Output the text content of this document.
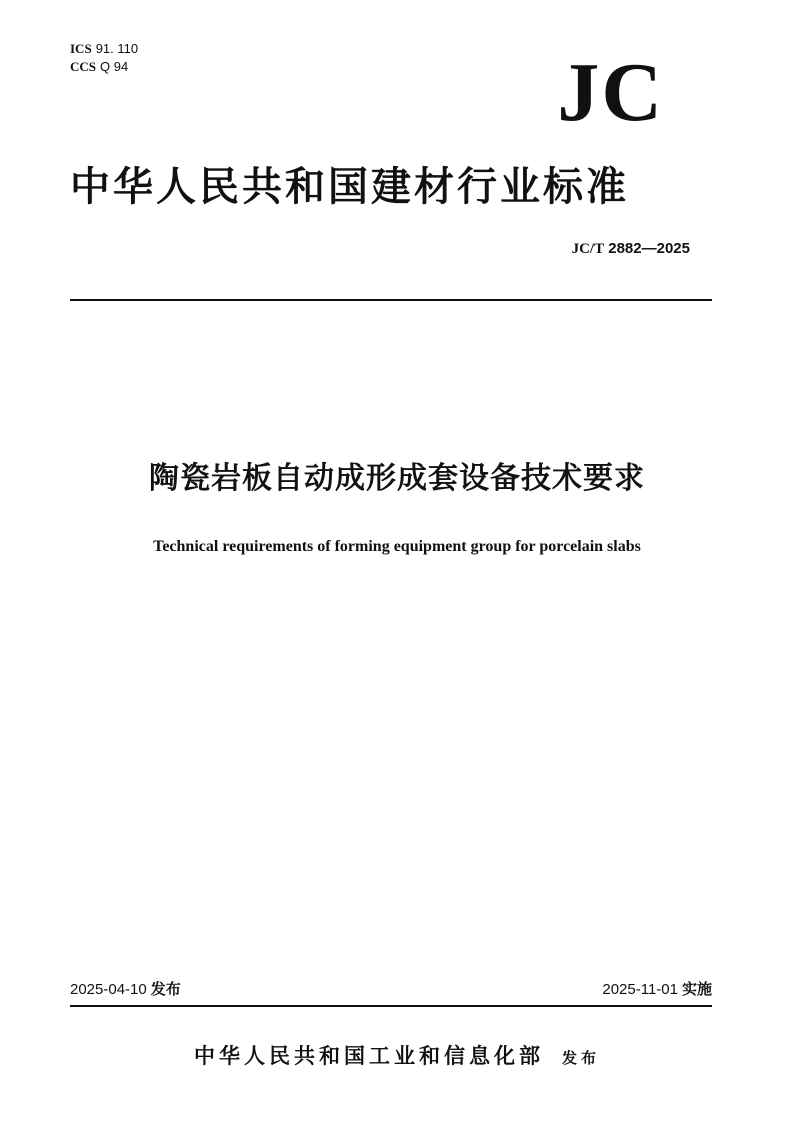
ICS 91. 110
CCS Q 94	JC
中华人民共和国建材行业标准
JC/T 2882—2025
陶瓷岩板自动成形成套设备技术要求
Technical requirements of forming equipment group for porcelain slabs
2025-04-10 发布	2025-11-01 实施
中华人民共和国工业和信息化部 发布
